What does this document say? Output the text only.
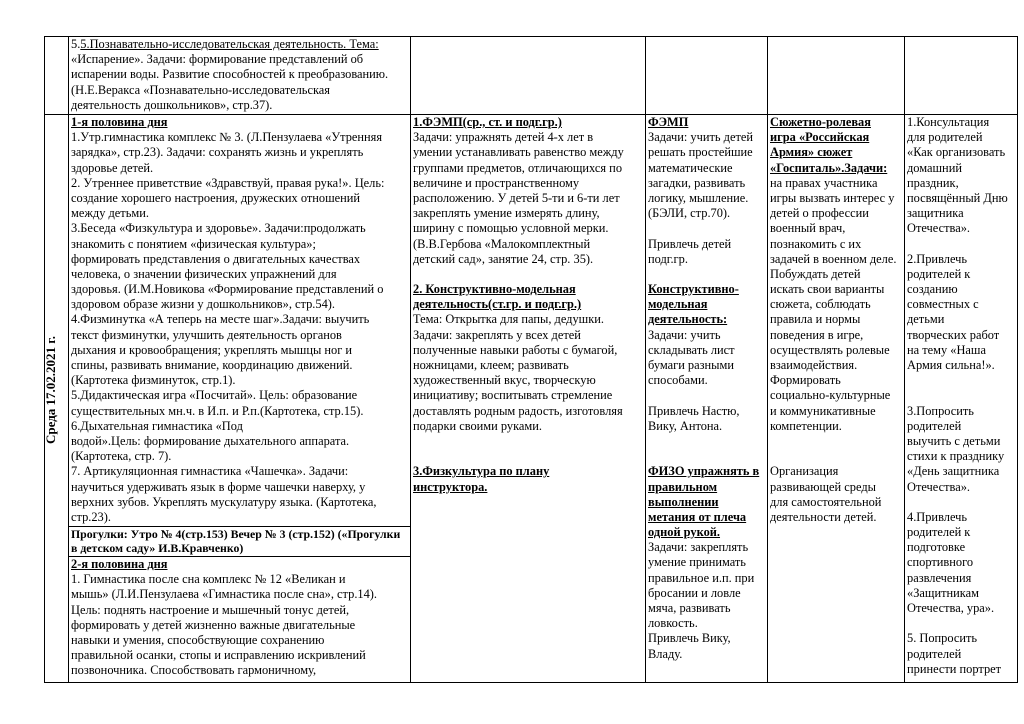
5.5.Познавательно-исследовательская деятельность. Тема:
«Испарение». Задачи: формирование представлений об
испарении воды. Развитие способностей к преобразованию.
(Н.Е.Веракса «Познавательно-исследовательская
деятельность дошкольников», стр.37).
Среда 17.02.2021 г.
1-я половина дня
1.Утр.гимнастика комплекс № 3. (Л.Пензулаева «Утренняя
зарядка», стр.23). Задачи: сохранять жизнь и укреплять
здоровье детей.
2. Утреннее приветствие «Здравствуй, правая рука!». Цель:
создание хорошего настроения, дружеских отношений
между детьми.
3.Беседа «Физкультура и здоровье». Задачи:продолжать
знакомить с понятием «физическая культура»;
формировать представления о двигательных качествах
человека, о значении физических упражнений для
здоровья. (И.М.Новикова «Формирование представлений о
здоровом образе жизни у дошкольников», стр.54).
4.Физминутка «А теперь на месте шаг».Задачи: выучить
текст физминутки, улучшить деятельность органов
дыхания и кровообращения; укреплять мышцы ног и
спины, развивать внимание, координацию движений.
(Картотека физминуток, стр.1).
5.Дидактическая игра «Посчитай». Цель: образование
существительных мн.ч. в И.п. и Р.п.(Картотека, стр.15).
6.Дыхательная гимнастика «Под
водой».Цель: формирование дыхательного аппарата.
(Картотека, стр. 7).
7. Артикуляционная гимнастика «Чашечка». Задачи:
научиться удерживать язык в форме чашечки наверху, у
верхних зубов. Укреплять мускулатуру языка. (Картотека,
стр.23).
Прогулки: Утро № 4(стр.153) Вечер № 3 (стр.152) («Прогулки
в детском саду» И.В.Кравченко)
2-я половина дня
1. Гимнастика после сна комплекс № 12 «Великан и
мышь» (Л.И.Пензулаева «Гимнастика после сна», стр.14).
Цель: поднять настроение и мышечный тонус детей,
формировать у детей жизненно важные двигательные
навыки и умения, способствующие сохранению
правильной осанки, стопы и исправлению искривлений
позвоночника. Способствовать гармоничному,
1.ФЭМП(ср., ст. и подг.гр.)
Задачи: упражнять детей 4-х лет в
умении устанавливать равенство между
группами предметов, отличающихся по
величине и пространственному
расположению. У детей 5-ти и 6-ти лет
закреплять умение измерять длину,
ширину с помощью условной мерки.
(В.В.Гербова «Малокомплектный
детский сад», занятие 24, стр. 35).
2. Конструктивно-модельная
деятельность(ст.гр. и подг.гр.)
Тема: Открытка для папы, дедушки.
Задачи: закреплять у всех детей
полученные навыки работы с бумагой,
ножницами, клеем; развивать
художественный вкус, творческую
инициативу; воспитывать стремление
доставлять родным радость, изготовляя
подарки своими руками.
3.Физкультура по плану
инструктора.
ФЭМП
Задачи: учить детей
решать простейшие
математические
загадки, развивать
логику, мышление.
(БЭЛИ, стр.70).
Привлечь детей
подг.гр.
Конструктивно-
модельная
деятельность:
Задачи: учить
складывать лист
бумаги разными
способами.
Привлечь Настю,
Вику, Антона.
ФИЗО упражнять в
правильном
выполнении
метания от плеча
одной рукой.
Задачи: закреплять
умение принимать
правильное и.п. при
бросании и ловле
мяча, развивать
ловкость.
Привлечь Вику,
Владу.
Сюжетно-ролевая
игра «Российская
Армия» сюжет
«Госпиталь».Задачи:
на правах участника
игры вызвать интерес у
детей о профессии
военный врач,
познакомить с их
задачей в военном деле.
Побуждать детей
искать свои варианты
сюжета, соблюдать
правила и нормы
поведения в игре,
осуществлять ролевые
взаимодействия.
Формировать
социально-культурные
и коммуникативные
компетенции.
Организация
развивающей среды
для самостоятельной
деятельности детей.
1.Консультация
для родителей
«Как организовать
домашний
праздник,
посвящённый Дню
защитника
Отечества».
2.Привлечь
родителей к
созданию
совместных с
детьми
творческих работ
на тему «Наша
Армия сильна!».
3.Попросить
родителей
выучить с детьми
стихи к празднику
«День защитника
Отечества».
4.Привлечь
родителей к
подготовке
спортивного
развлечения
«Защитникам
Отечества, ура».
5. Попросить
родителей
принести портрет
